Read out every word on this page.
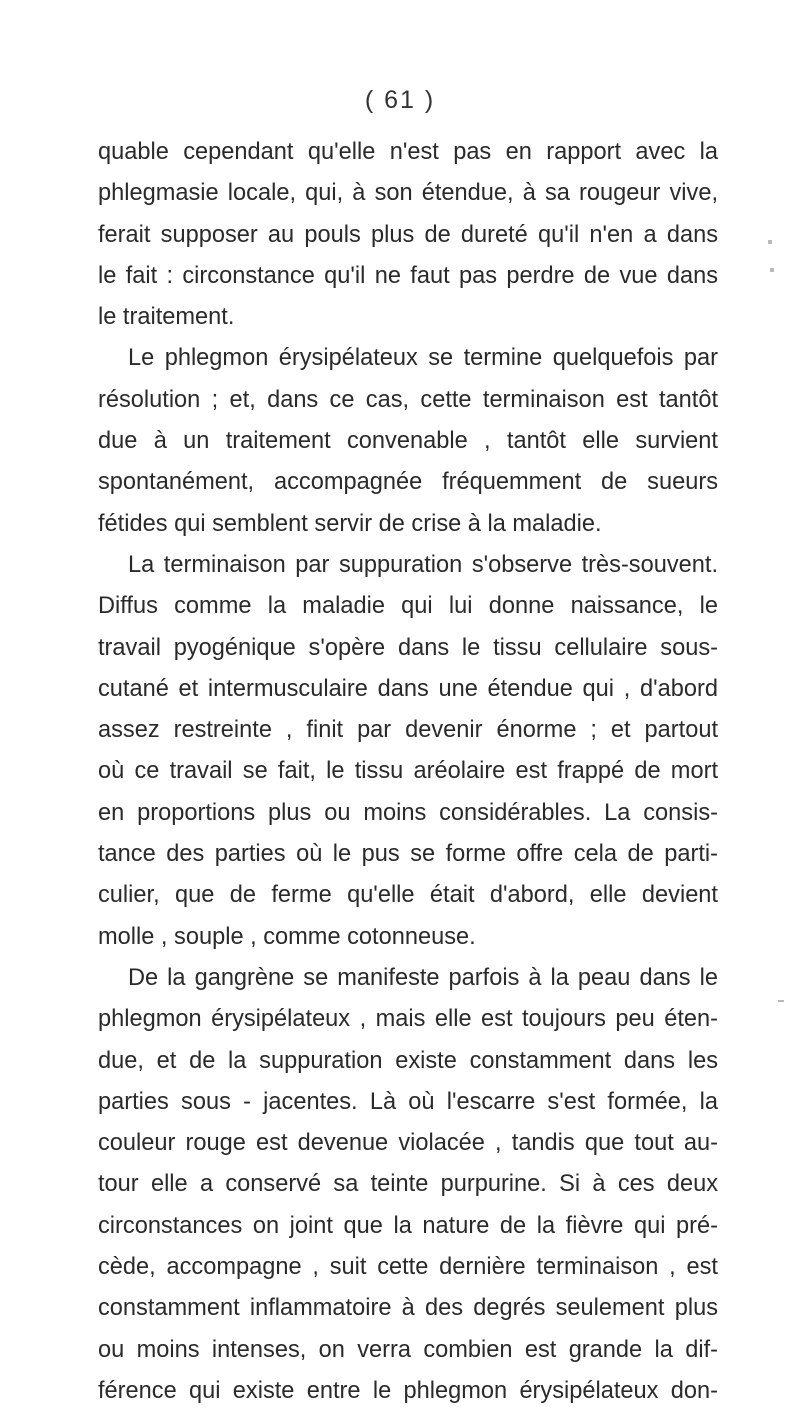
( 61 )
quable cependant qu'elle n'est pas en rapport avec la
phlegmasie locale, qui, à son étendue, à sa rougeur vive,
ferait supposer au pouls plus de dureté qu'il n'en a dans
le fait : circonstance qu'il ne faut pas perdre de vue dans
le traitement.
Le phlegmon érysipélateux se termine quelquefois par
résolution ; et, dans ce cas, cette terminaison est tantôt
due à un traitement convenable , tantôt elle survient
spontanément, accompagnée fréquemment de sueurs
fétides qui semblent servir de crise à la maladie.
La terminaison par suppuration s'observe très-souvent.
Diffus comme la maladie qui lui donne naissance, le
travail pyogénique s'opère dans le tissu cellulaire sous-
cutané et intermusculaire dans une étendue qui , d'abord
assez restreinte , finit par devenir énorme ; et partout
où ce travail se fait, le tissu aréolaire est frappé de mort
en proportions plus ou moins considérables. La consis-
tance des parties où le pus se forme offre cela de parti-
culier, que de ferme qu'elle était d'abord, elle devient
molle , souple , comme cotonneuse.
De la gangrène se manifeste parfois à la peau dans le
phlegmon érysipélateux , mais elle est toujours peu éten-
due, et de la suppuration existe constamment dans les
parties sous - jacentes. Là où l'escarre s'est formée, la
couleur rouge est devenue violacée , tandis que tout au-
tour elle a conservé sa teinte purpurine. Si à ces deux
circonstances on joint que la nature de la fièvre qui pré-
cède, accompagne , suit cette dernière terminaison , est
constamment inflammatoire à des degrés seulement plus
ou moins intenses, on verra combien est grande la dif-
férence qui existe entre le phlegmon érysipélateux don-
